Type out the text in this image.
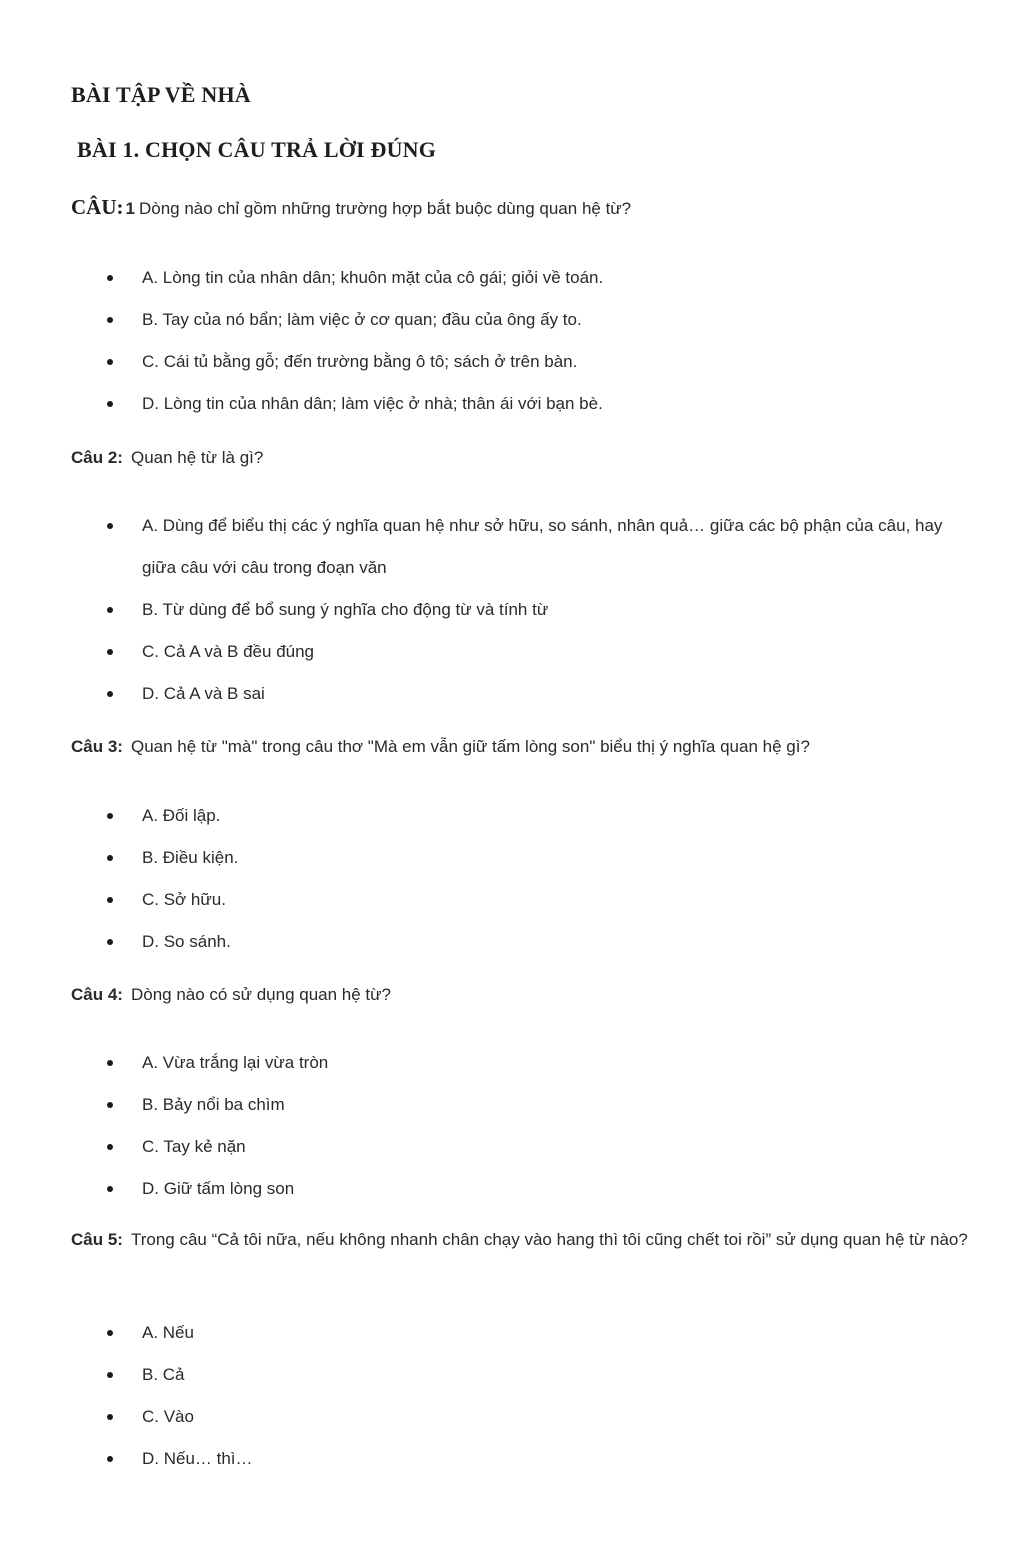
BÀI TẬP VỀ NHÀ
BÀI 1. CHỌN CÂU TRẢ LỜI ĐÚNG
CÂU: 1 Dòng nào chỉ gồm những trường hợp bắt buộc dùng quan hệ từ?
A. Lòng tin của nhân dân; khuôn mặt của cô gái; giỏi về toán.
B. Tay của nó bẩn; làm việc ở cơ quan; đầu của ông ấy to.
C. Cái tủ bằng gỗ; đến trường bằng ô tô; sách ở trên bàn.
D. Lòng tin của nhân dân; làm việc ở nhà; thân ái với bạn bè.
Câu 2: Quan hệ từ là gì?
A. Dùng để biểu thị các ý nghĩa quan hệ như sở hữu, so sánh, nhân quả… giữa các bộ phận của câu, hay giữa câu với câu trong đoạn văn
B. Từ dùng để bổ sung ý nghĩa cho động từ và tính từ
C. Cả A và B đều đúng
D. Cả A và B sai
Câu 3: Quan hệ từ "mà" trong câu thơ "Mà em vẫn giữ tấm lòng son" biểu thị ý nghĩa quan hệ gì?
A. Đối lập.
B. Điều kiện.
C. Sở hữu.
D. So sánh.
Câu 4: Dòng nào có sử dụng quan hệ từ?
A. Vừa trắng lại vừa tròn
B. Bảy nổi ba chìm
C. Tay kẻ nặn
D. Giữ tấm lòng son
Câu 5: Trong câu “Cả tôi nữa, nếu không nhanh chân chạy vào hang thì tôi cũng chết toi rồi” sử dụng quan hệ từ nào?
A. Nếu
B. Cả
C. Vào
D. Nếu… thì…
